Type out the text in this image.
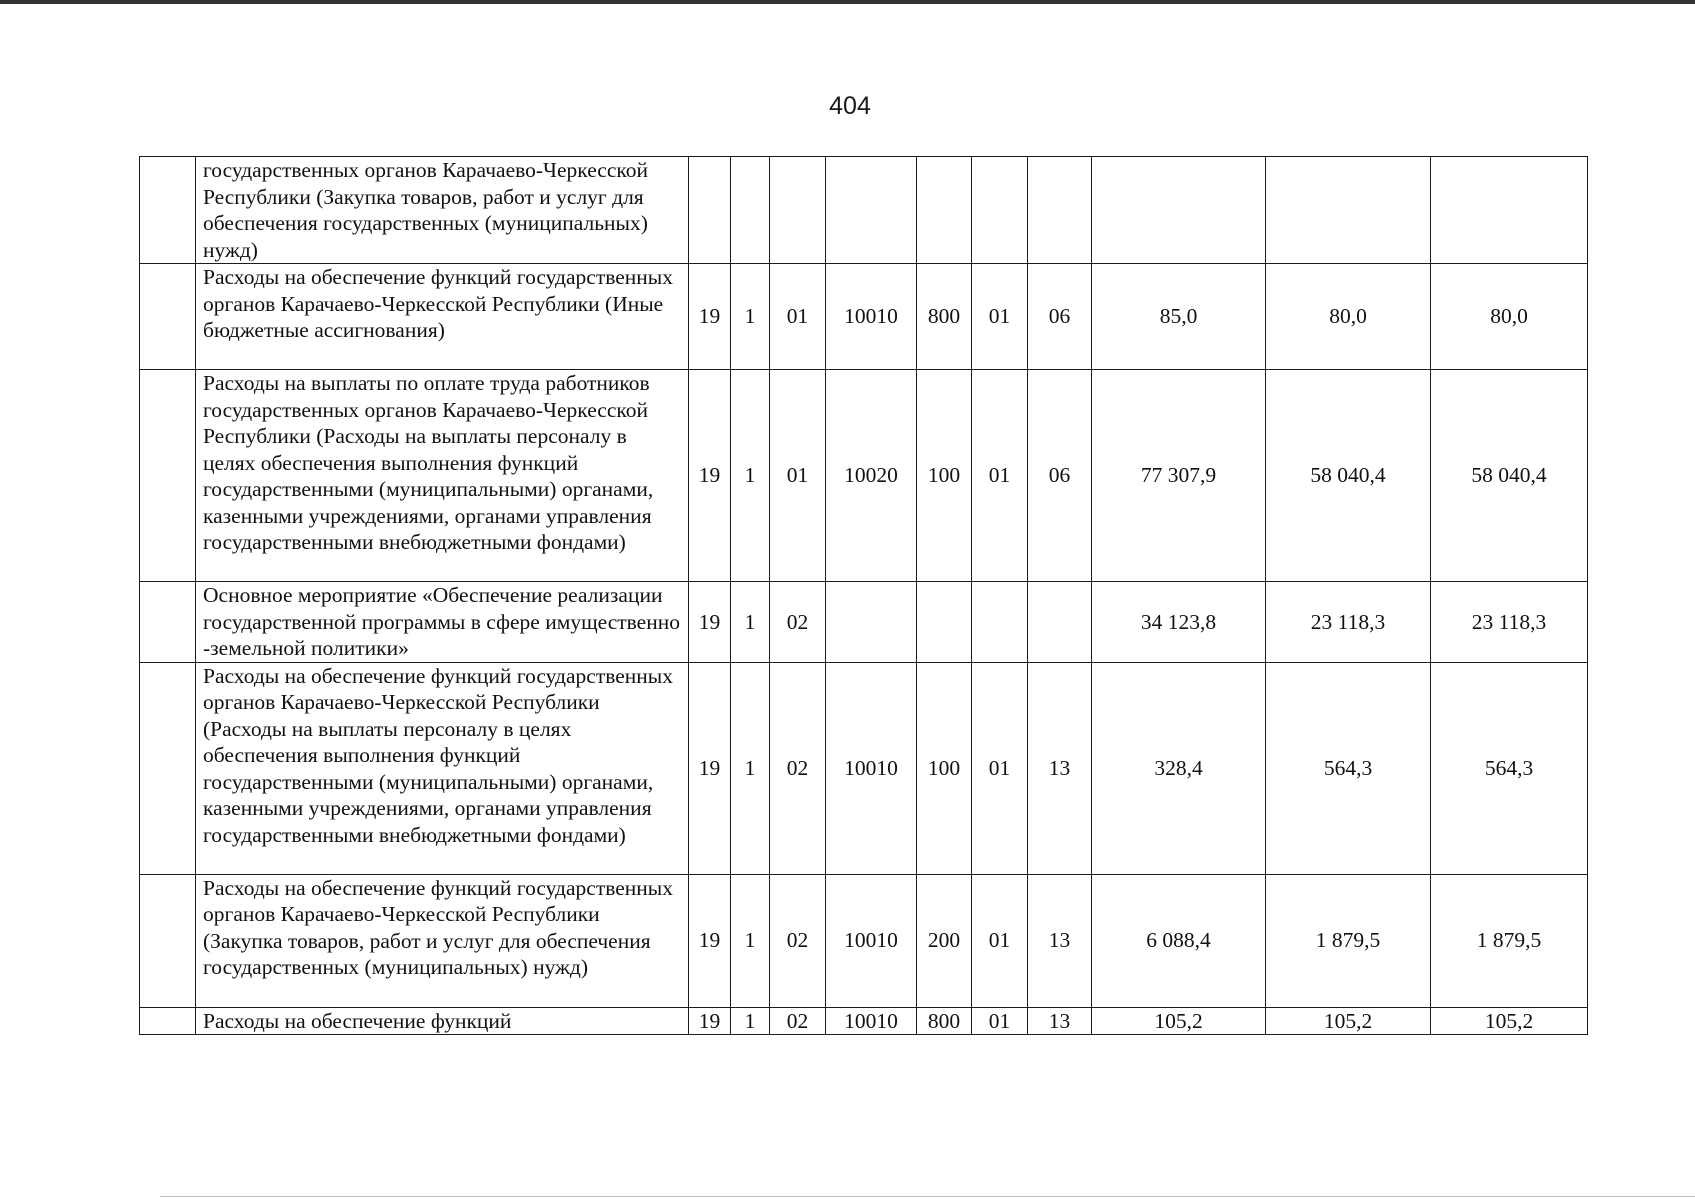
404
	государственных органов Карачаево-Черкесской Республики (Закупка товаров, работ и услуг для обеспечения государственных (муниципальных) нужд)										
	Расходы на обеспечение функций государственных органов Карачаево-Черкесской Республики (Иные бюджетные ассигнования)	19	1	01	10010	800	01	06	85,0	80,0	80,0
	Расходы на выплаты по оплате труда работников государственных органов Карачаево-Черкесской Республики (Расходы на выплаты персоналу в целях обеспечения выполнения функций государственными (муниципальными) органами, казенными учреждениями, органами управления государственными внебюджетными фондами)	19	1	01	10020	100	01	06	77 307,9	58 040,4	58 040,4
	Основное мероприятие «Обеспечение реализации государственной программы в сфере имущественно -земельной политики»	19	1	02					34 123,8	23 118,3	23 118,3
	Расходы на обеспечение функций государственных органов Карачаево-Черкесской Республики (Расходы на выплаты персоналу в целях обеспечения выполнения функций государственными (муниципальными) органами, казенными учреждениями, органами управления государственными внебюджетными фондами)	19	1	02	10010	100	01	13	328,4	564,3	564,3
	Расходы на обеспечение функций государственных органов Карачаево-Черкесской Республики (Закупка товаров, работ и услуг для обеспечения государственных (муниципальных) нужд)	19	1	02	10010	200	01	13	6 088,4	1 879,5	1 879,5
	Расходы на обеспечение функций	19	1	02	10010	800	01	13	105,2	105,2	105,2
